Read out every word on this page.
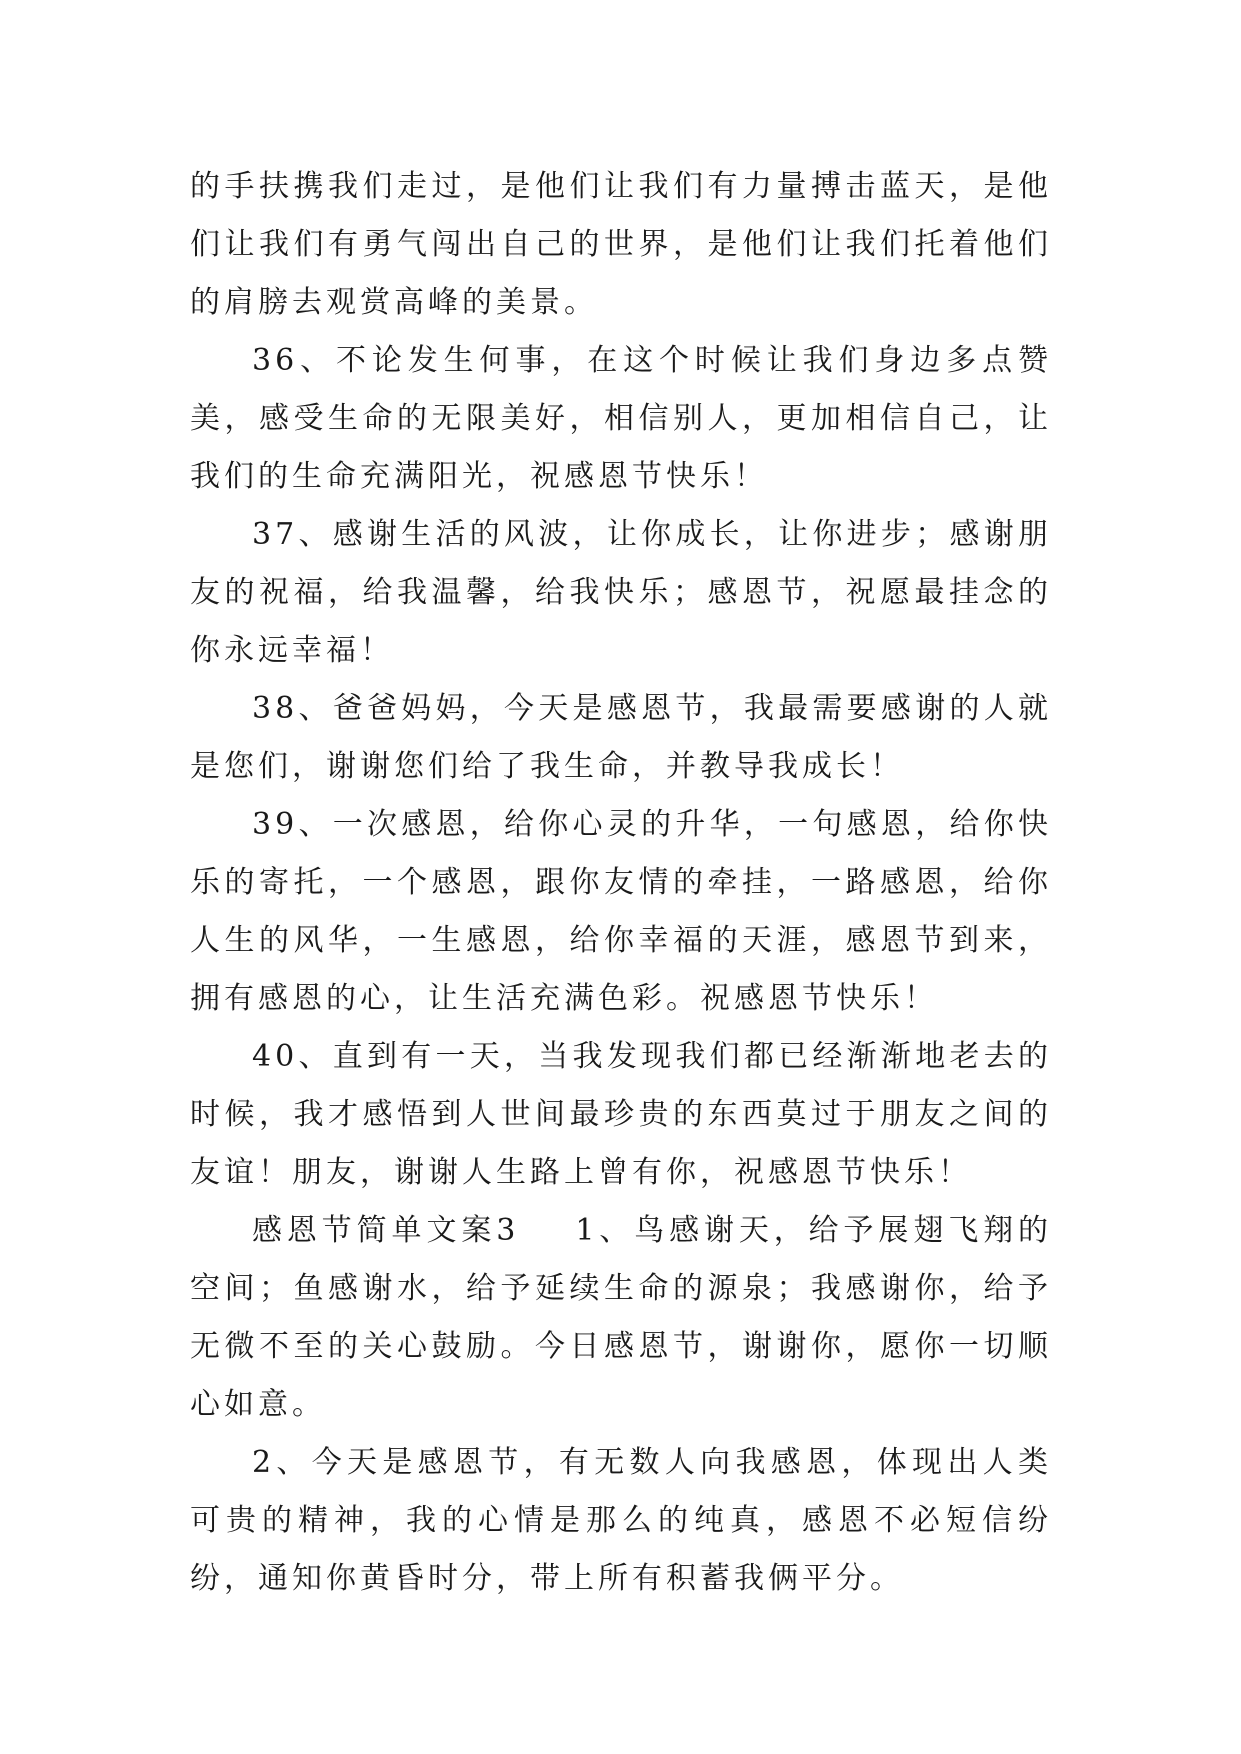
的手扶携我们走过，是他们让我们有力量搏击蓝天，是他们让我们有勇气闯出自己的世界，是他们让我们托着他们的肩膀去观赏高峰的美景。

36、不论发生何事，在这个时候让我们身边多点赞美，感受生命的无限美好，相信别人，更加相信自己，让我们的生命充满阳光，祝感恩节快乐！

37、感谢生活的风波，让你成长，让你进步；感谢朋友的祝福，给我温馨，给我快乐；感恩节，祝愿最挂念的你永远幸福！

38、爸爸妈妈，今天是感恩节，我最需要感谢的人就是您们，谢谢您们给了我生命，并教导我成长！

39、一次感恩，给你心灵的升华，一句感恩，给你快乐的寄托，一个感恩，跟你友情的牵挂，一路感恩，给你人生的风华，一生感恩，给你幸福的天涯，感恩节到来，拥有感恩的心，让生活充满色彩。祝感恩节快乐！

40、直到有一天，当我发现我们都已经渐渐地老去的时候，我才感悟到人世间最珍贵的东西莫过于朋友之间的友谊！朋友，谢谢人生路上曾有你，祝感恩节快乐！

感恩节简单文案3 1、鸟感谢天，给予展翅飞翔的空间；鱼感谢水，给予延续生命的源泉；我感谢你，给予无微不至的关心鼓励。今日感恩节，谢谢你，愿你一切顺心如意。

2、今天是感恩节，有无数人向我感恩，体现出人类可贵的精神，我的心情是那么的纯真，感恩不必短信纷纷，通知你黄昏时分，带上所有积蓄我俩平分。
